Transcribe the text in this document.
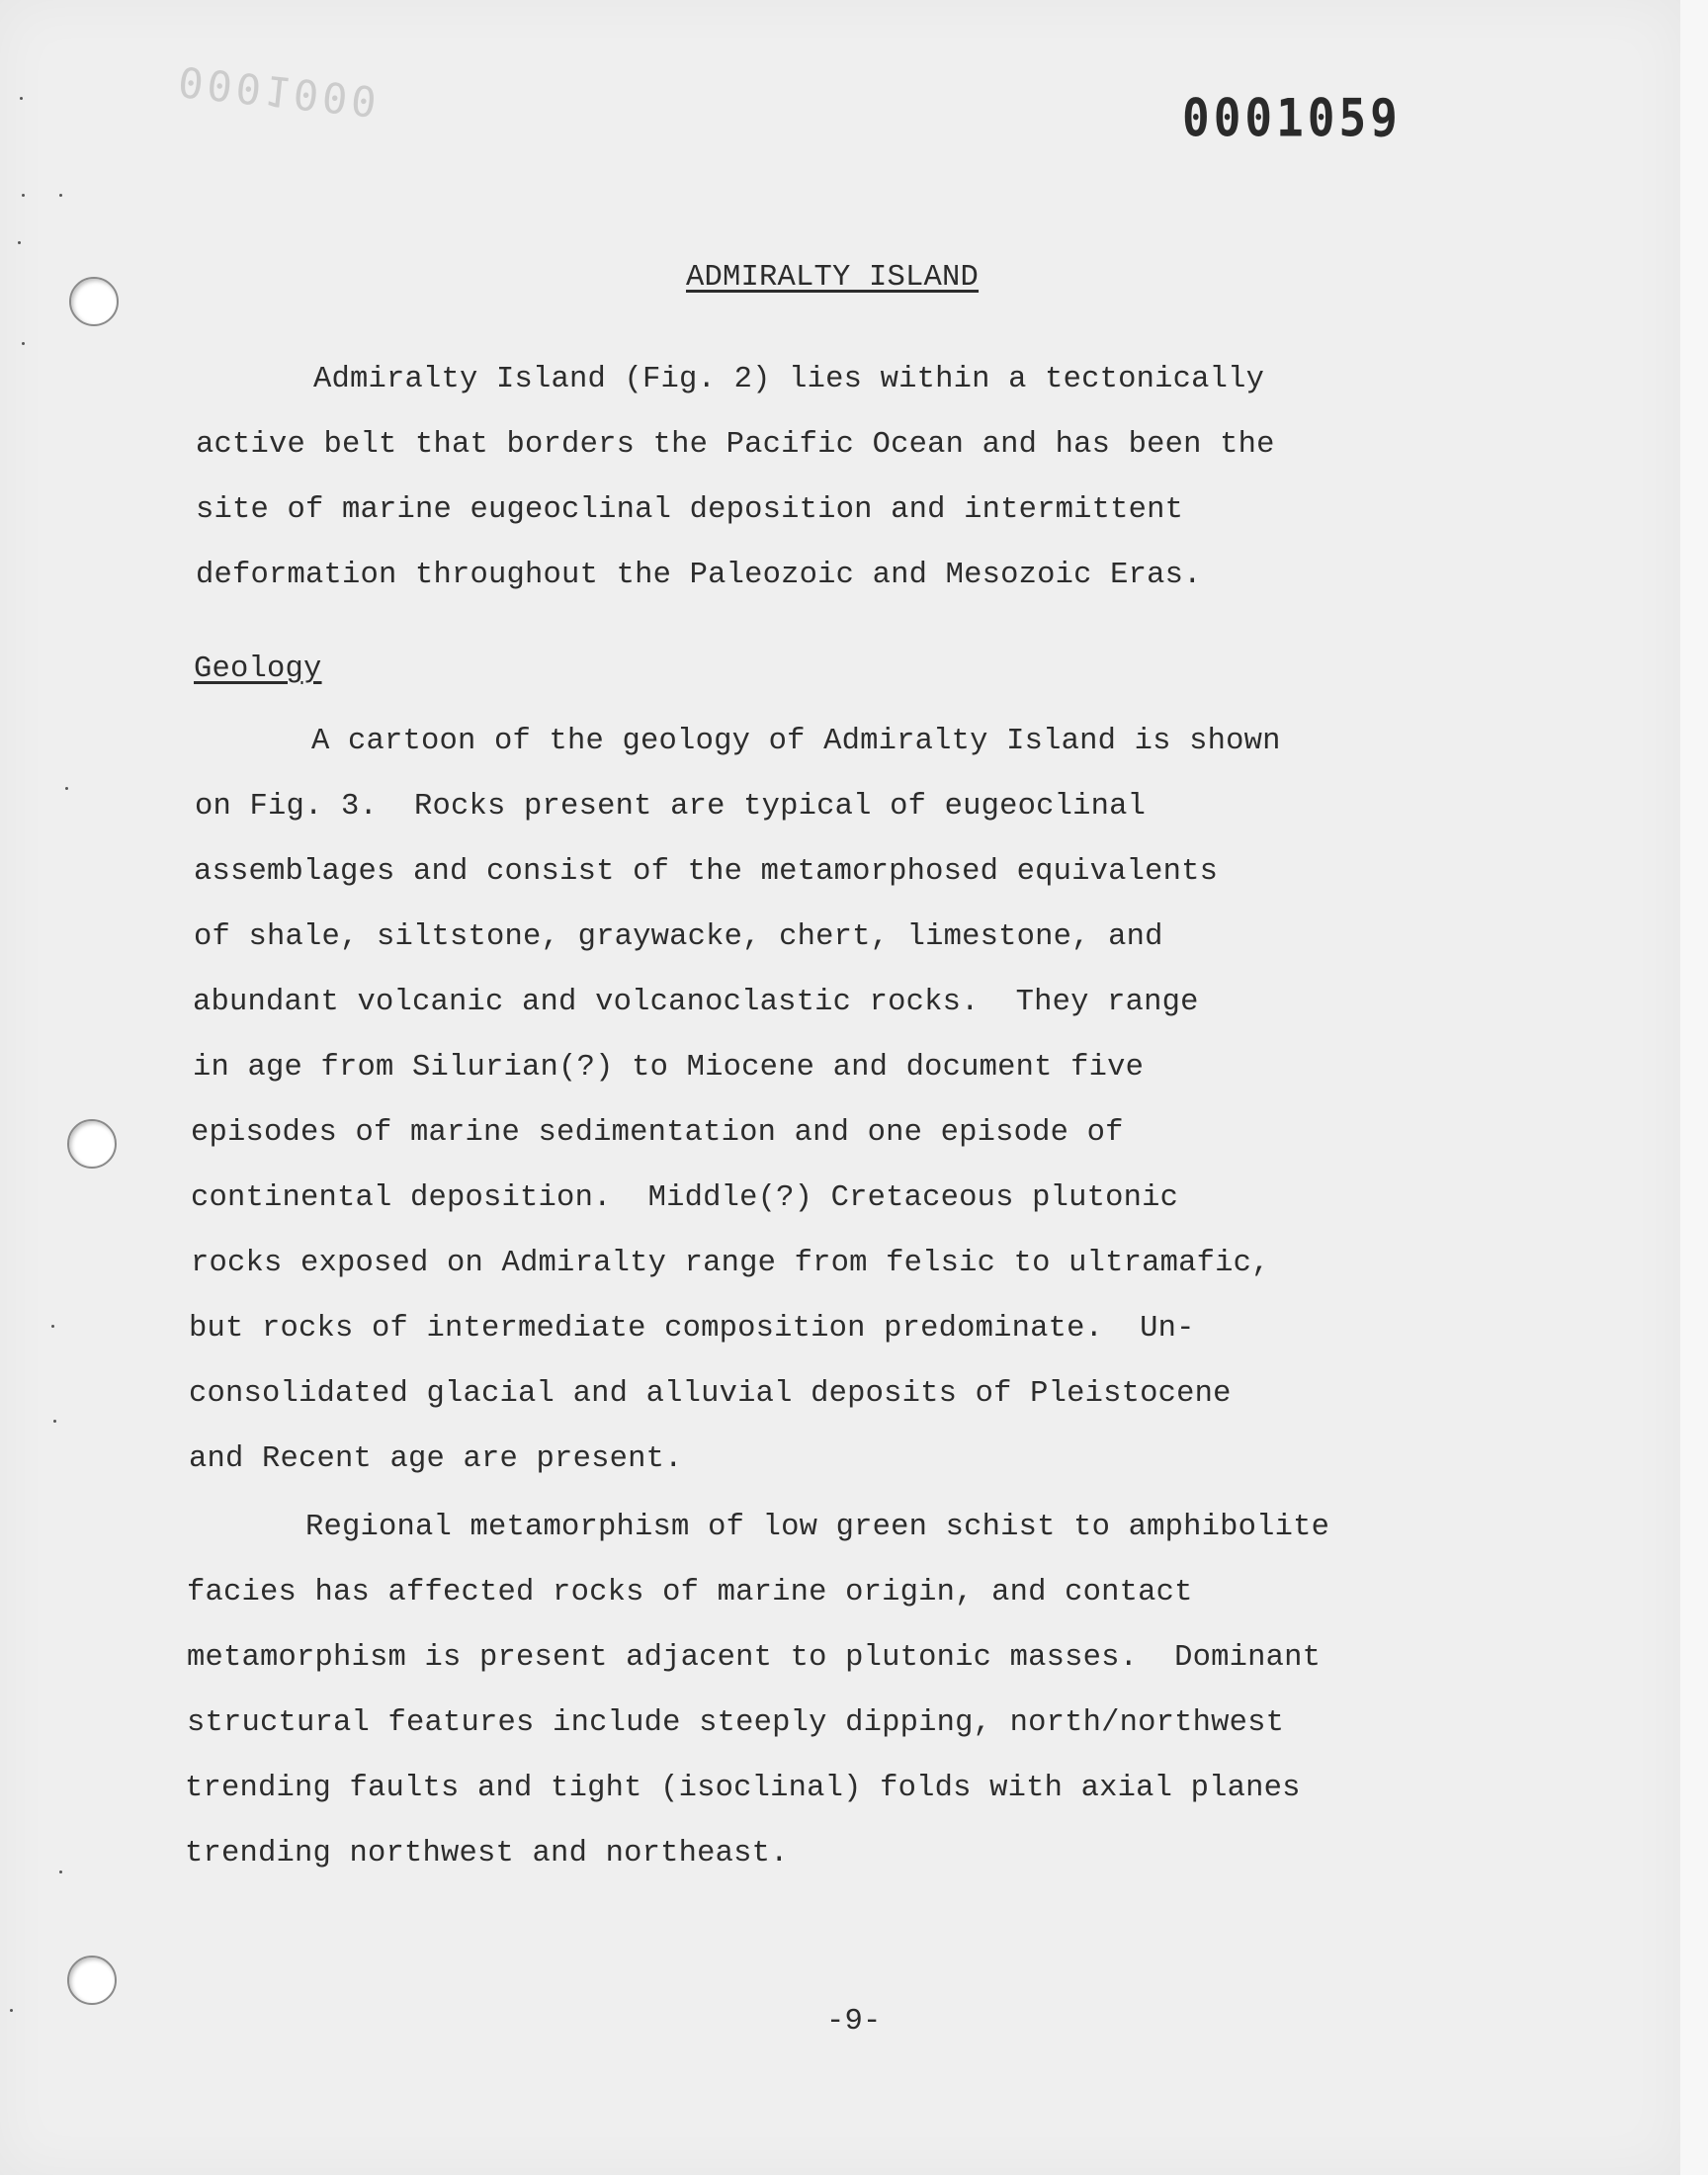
0001000	0001059
ADMIRALTY ISLAND
Admiralty Island (Fig. 2) lies within a tectonically
active belt that borders the Pacific Ocean and has been the
site of marine eugeoclinal deposition and intermittent
deformation throughout the Paleozoic and Mesozoic Eras.
Geology
A cartoon of the geology of Admiralty Island is shown
on Fig. 3.  Rocks present are typical of eugeoclinal
assemblages and consist of the metamorphosed equivalents
of shale, siltstone, graywacke, chert, limestone, and
abundant volcanic and volcanoclastic rocks.  They range
in age from Silurian(?) to Miocene and document five
episodes of marine sedimentation and one episode of
continental deposition.  Middle(?) Cretaceous plutonic
rocks exposed on Admiralty range from felsic to ultramafic,
but rocks of intermediate composition predominate.  Un-
consolidated glacial and alluvial deposits of Pleistocene
and Recent age are present.
Regional metamorphism of low green schist to amphibolite
facies has affected rocks of marine origin, and contact
metamorphism is present adjacent to plutonic masses.  Dominant
structural features include steeply dipping, north/northwest
trending faults and tight (isoclinal) folds with axial planes
trending northwest and northeast.
-9-
